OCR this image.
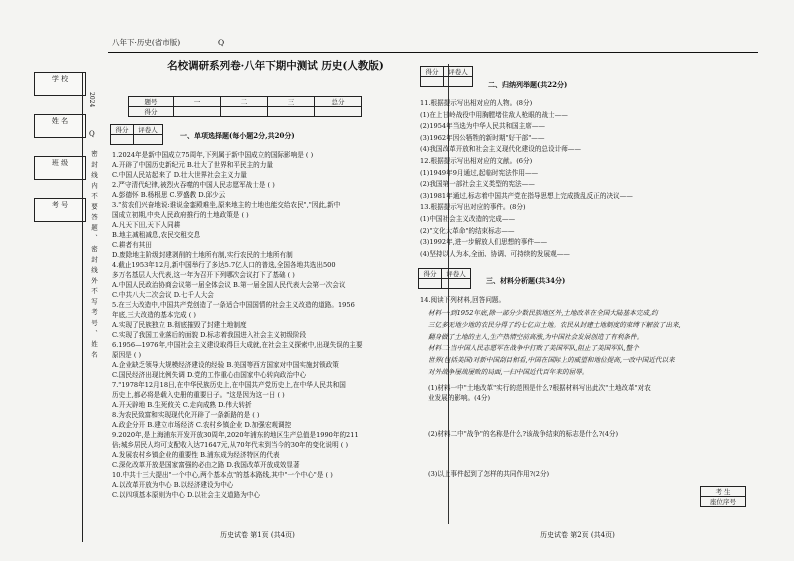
八年下·历史(省市版)	Q
学 校
姓 名
班 级
考 号
2024
Q
密 封 线 内 不 要 答 题 、 密 封 线 外 不 写 考 号 、 姓 名
名校调研系列卷·八年下期中测试 历史(人教版)
题号	一	二	三	总分
得分				
得分	评卷人

一、单项选择题(每小题2分,共20分)
1.2024年是新中国成立75周年,下列属于新中国成立的国际影响是 ( )
A.开辟了中国历史新纪元 B.壮大了世界和平民主的力量
C.中国人民站起来了 D.壮大世界社会主义力量
2.严守清代纪律,被烈火吞噬的中国人民志愿军战士是 ( )
A.彭德怀 B.杨根思 C.罗盛教 D.邱少云
3."贫农们兴奋地说:谁说金銮殿难坐,原来地主的土地也能交给农民","因此,新中
国成立初期,中央人民政府推行的土地政策是 ( )
A.凡天下田,天下人同耕
B.地主减租减息,农民交租交息
C.耕者有其田
D.废除地主阶级封建剥削的土地所有制,实行农民的土地所有制
4.截止1953年12月,新中国举行了多达5.7亿人口的普选,全国各地共选出500
多万名基层人大代表,这一年为召开下列哪次会议打下了基础 ( )
A.中国人民政治协商会议第一届全体会议 B.第一届全国人民代表大会第一次会议
C.中共八大二次会议 D.七千人大会
5.在三大改造中,中国共产党创造了一条适合中国国情的社会主义改造的道路。1956
年底,三大改造的基本完成 ( )
A.实现了民族独立 B.彻底摧毁了封建土地制度
C.实现了我国工业落后的面貌 D.标志着我国进入社会主义初级阶段
6.1956—1976年,中国社会主义建设取得巨大成就,在社会主义探索中,出现失误的主要
原因是 ( )
A.企业缺乏领导大规模经济建设的经验 B.美国等西方国家对中国实施封锁政策
C.国民经济出现比例失调 D.党的工作重心由国家中心转向政治中心
7."1978年12月18日,在中华民族历史上,在中国共产党历史上,在中华人民共和国
历史上,都必将是载入史册的重要日子。"这是因为这一日 ( )
A.开天辟地 B.生死攸关 C.走向成熟 D.伟大转折
8.为农民致富和实现现代化开辟了一条新路的是 ( )
A.政企分开 B.建立市场经济 C.农村乡镇企业 D.加强宏观调控
9.2020年,是上海浦东开发开放30周年,2020年浦东的地区生产总值是1990年的211
倍;城乡居民人均可支配收入达71647元,从70年代末到当今的30年的变化说明 ( )
A.发展农村乡镇企业的重要性 B.浦东成为经济特区的代表
C.深化改革开放是国家富强的必由之路 D.我国改革开放成效显著
10.中共十三大提出"一个中心,两个基本点"的基本路线,其中"一个中心"是 ( )
A.以改革开放为中心 B.以经济建设为中心
C.以四项基本原则为中心 D.以社会主义道路为中心
历史试卷 第1页 (共4页)
得分	评卷人

二、归纳列举题(共22分)
11.根据提示写出相对应的人物。(8分)
(1)在上甘岭战役中用胸膛堵住敌人枪眼的战士——
(2)1954年当选为中华人民共和国主席——
(3)1962年因公牺牲的新时期"好干部"——
(4)我国改革开放和社会主义现代化建设的总设计师——
12.根据提示写出相对应的文献。(6分)
(1)1949年9月通过,起临时宪法作用——
(2)我国第一部社会主义类型的宪法——
(3)1981年通过,标志着中国共产党在指导思想上完成拨乱反正的决议——
13.根据提示写出对应的事件。(8分)
(1)中国社会主义改造的完成——
(2)"文化大革命"的结束标志——
(3)1992年,进一步解放人们思想的事件——
(4)坚持以人为本,全面、协调、可持续的发展观——
得分	评卷人

三、材料分析题(共34分)
14.阅读下列材料,回答问题。
材料一:到1952年底,除一部分少数民族地区外,土地改革在全国大陆基本完成,约
三亿多无地少地的农民分得了约七亿亩土地。农民从封建土地制度的束缚下解放了出来,
翻身做了土地的主人,生产热情空前高涨,为中国社会发展创造了有利条件。
材料二:当中国人民志愿军在战争中打败了美国军队,阻止了美国军队,整个
世界(包括美国)对新中国刮目相看,中国在国际上的威望和地位提高,一改中国近代以来
对外战争屡战屡败的局面,一扫中国近代百年来的屈辱。
(1)材料一中"土地改革"实行的范围是什么?根据材料写出此次"土地改革"对农
业发展的影响。(4分)
(2)材料二中"战争"的名称是什么?该战争结束的标志是什么?(4分)
(3)以上事件起到了怎样的共同作用?(2分)
考 生
座位序号
历史试卷 第2页 (共4页)
